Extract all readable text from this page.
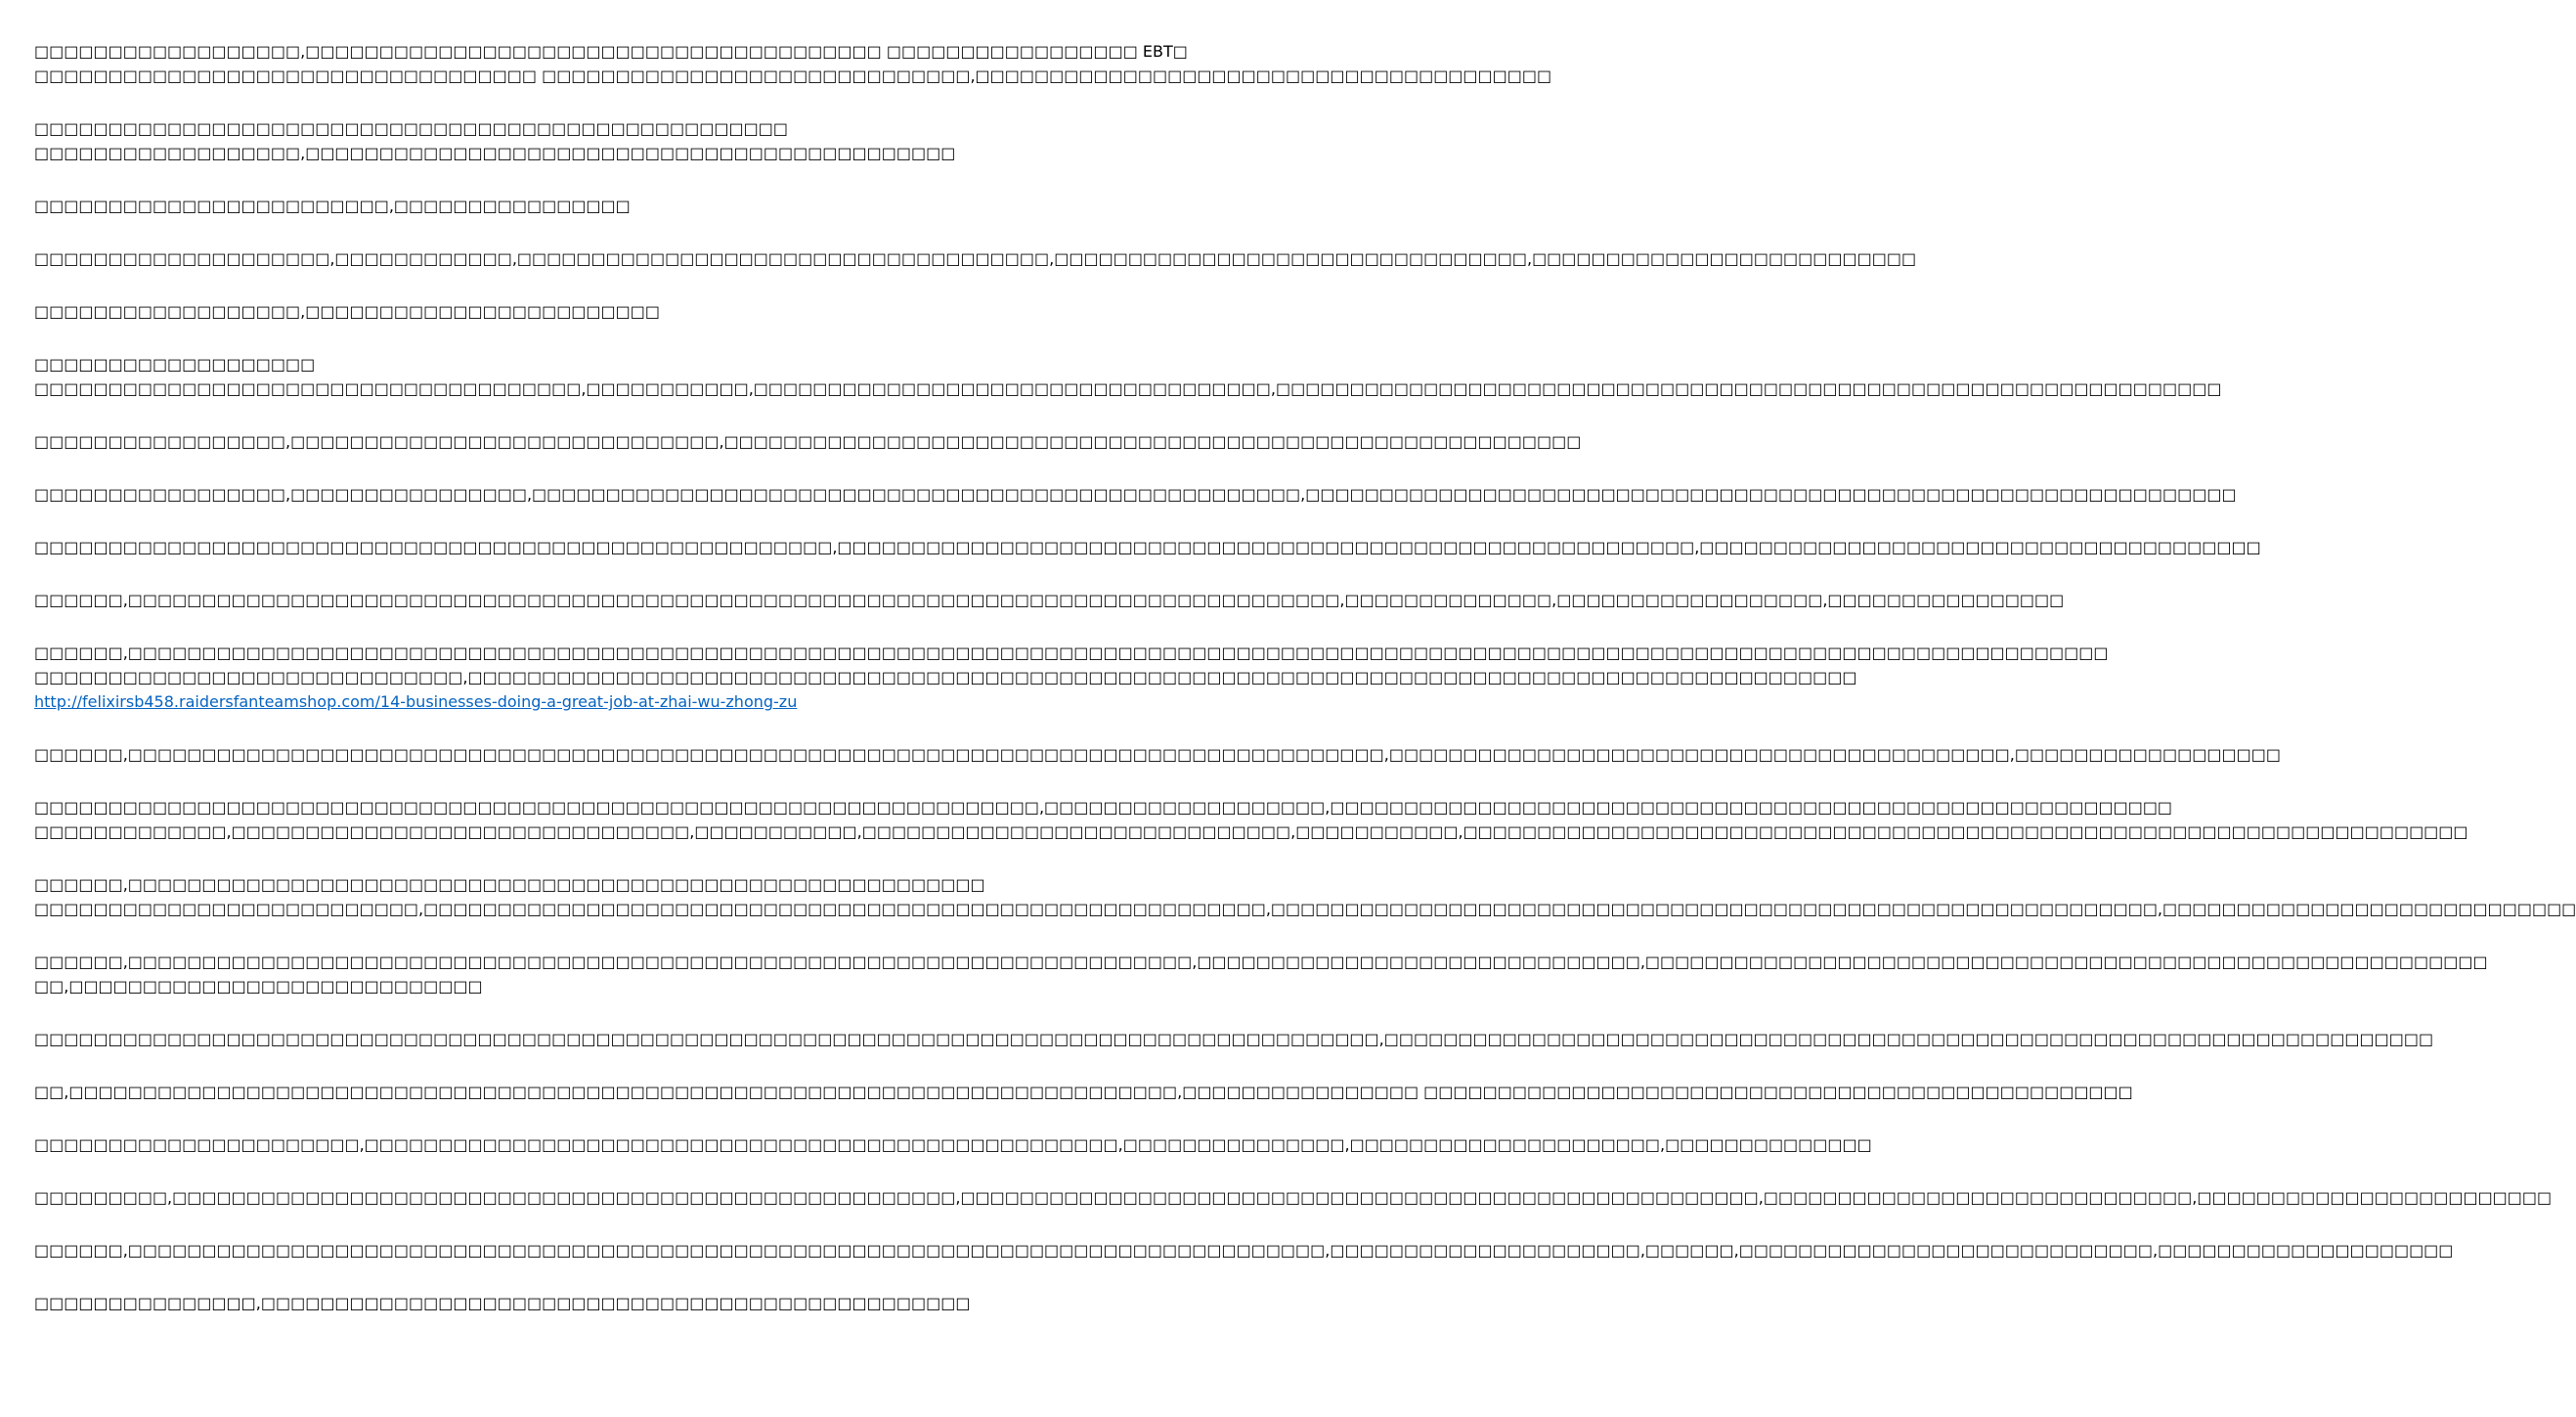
□□□□□□□□□□□□□□□□□□,□□□□□□□□□□□□□□□□□□□□□□□□□□□□□□□□□□□□□□□ □□□□□□□□□□□□□□□□□ EBT□
□□□□□□□□□□□□□□□□□□□□□□□□□□□□□□□□□□ □□□□□□□□□□□□□□□□□□□□□□□□□□□□□,□□□□□□□□□□□□□□□□□□□□□□□□□□□□□□□□□□□□□□□
□□□□□□□□□□□□□□□□□□□□□□□□□□□□□□□□□□□□□□□□□□□□□□□□□□□
□□□□□□□□□□□□□□□□□□,□□□□□□□□□□□□□□□□□□□□□□□□□□□□□□□□□□□□□□□□□□□□
□□□□□□□□□□□□□□□□□□□□□□□□,□□□□□□□□□□□□□□□□
□□□□□□□□□□□□□□□□□□□□,□□□□□□□□□□□□,□□□□□□□□□□□□□□□□□□□□□□□□□□□□□□□□□□□□,□□□□□□□□□□□□□□□□□□□□□□□□□□□□□□□□,□□□□□□□□□□□□□□□□□□□□□□□□□□
□□□□□□□□□□□□□□□□□□,□□□□□□□□□□□□□□□□□□□□□□□□
□□□□□□□□□□□□□□□□□□□
□□□□□□□□□□□□□□□□□□□□□□□□□□□□□□□□□□□□□,□□□□□□□□□□□,□□□□□□□□□□□□□□□□□□□□□□□□□□□□□□□□□□□,□□□□□□□□□□□□□□□□□□□□□□□□□□□□□□□□□□□□□□□□□□□□□□□□□□□□□□□□□□□□□□□□
□□□□□□□□□□□□□□□□□,□□□□□□□□□□□□□□□□□□□□□□□□□□□□□,□□□□□□□□□□□□□□□□□□□□□□□□□□□□□□□□□□□□□□□□□□□□□□□□□□□□□□□□□□
□□□□□□□□□□□□□□□□□,□□□□□□□□□□□□□□□□,□□□□□□□□□□□□□□□□□□□□□□□□□□□□□□□□□□□□□□□□□□□□□□□□□□□□,□□□□□□□□□□□□□□□□□□□□□□□□□□□□□□□□□□□□□□□□□□□□□□□□□□□□□□□□□□□□□□□
□□□□□□□□□□□□□□□□□□□□□□□□□□□□□□□□□□□□□□□□□□□□□□□□□□□□□□,□□□□□□□□□□□□□□□□□□□□□□□□□□□□□□□□□□□□□□□□□□□□□□□□□□□□□□□□□□,□□□□□□□□□□□□□□□□□□□□□□□□□□□□□□□□□□□□□□
□□□□□□,□□□□□□□□□□□□□□□□□□□□□□□□□□□□□□□□□□□□□□□□□□□□□□□□□□□□□□□□□□□□□□□□□□□□□□□□□□□□□□□□□□,□□□□□□□□□□□□□□,□□□□□□□□□□□□□□□□□□,□□□□□□□□□□□□□□□□
□□□□□□,□□□□□□□□□□□□□□□□□□□□□□□□□□□□□□□□□□□□□□□□□□□□□□□□□□□□□□□□□□□□□□□□□□□□□□□□□□□□□□□□□□□□□□□□□□□□□□□□□□□□□□□□□□□□□□□□□□□□□□□□□□□□□□□□□□□□□□
□□□□□□□□□□□□□□□□□□□□□□□□□□□□□,□□□□□□□□□□□□□□□□□□□□□□□□□□□□□□□□□□□□□□□□□□□□□□□□□□□□□□□□□□□□□□□□□□□□□□□□□□□□□□□□□□□□□□□□□□□□□□
http://felixirsb458.raidersfanteamshop.com/14-businesses-doing-a-great-job-at-zhai-wu-zhong-zu
□□□□□□,□□□□□□□□□□□□□□□□□□□□□□□□□□□□□□□□□□□□□□□□□□□□□□□□□□□□□□□□□□□□□□□□□□□□□□□□□□□□□□□□□□□□□,□□□□□□□□□□□□□□□□□□□□□□□□□□□□□□□□□□□□□□□□□□,□□□□□□□□□□□□□□□□□□
□□□□□□□□□□□□□□□□□□□□□□□□□□□□□□□□□□□□□□□□□□□□□□□□□□□□□□□□□□□□□□□□□□□□,□□□□□□□□□□□□□□□□□□□,□□□□□□□□□□□□□□□□□□□□□□□□□□□□□□□□□□□□□□□□□□□□□□□□□□□□□□□□□
□□□□□□□□□□□□□,□□□□□□□□□□□□□□□□□□□□□□□□□□□□□□□,□□□□□□□□□□□,□□□□□□□□□□□□□□□□□□□□□□□□□□□□□,□□□□□□□□□□□,□□□□□□□□□□□□□□□□□□□□□□□□□□□□□□□□□□□□□□□□□□□□□□□□□□□□□□□□□□□□□□□□□□□□
□□□□□□,□□□□□□□□□□□□□□□□□□□□□□□□□□□□□□□□□□□□□□□□□□□□□□□□□□□□□□□□□□
□□□□□□□□□□□□□□□□□□□□□□□□□□,□□□□□□□□□□□□□□□□□□□□□□□□□□□□□□□□□□□□□□□□□□□□□□□□□□□□□□□□□,□□□□□□□□□□□□□□□□□□□□□□□□□□□□□□□□□□□□□□□□□□□□□□□□□□□□□□□□□□□□,□□□□□□□□□□□□□□□□□□□□□□□□□□□□
□□□□□□,□□□□□□□□□□□□□□□□□□□□□□□□□□□□□□□□□□□□□□□□□□□□□□□□□□□□□□□□□□□□□□□□□□□□□□□□,□□□□□□□□□□□□□□□□□□□□□□□□□□□□□□,□□□□□□□□□□□□□□□□□□□□□□□□□□□□□□□□□□□□□□□□□□□□□□□□□□□□□□□□□
□□,□□□□□□□□□□□□□□□□□□□□□□□□□□□□
□□□□□□□□□□□□□□□□□□□□□□□□□□□□□□□□□□□□□□□□□□□□□□□□□□□□□□□□□□□□□□□□□□□□□□□□□□□□□□□□□□□□□□□□□□□,□□□□□□□□□□□□□□□□□□□□□□□□□□□□□□□□□□□□□□□□□□□□□□□□□□□□□□□□□□□□□□□□□□□□□□□
□□,□□□□□□□□□□□□□□□□□□□□□□□□□□□□□□□□□□□□□□□□□□□□□□□□□□□□□□□□□□□□□□□□□□□□□□□□□□□,□□□□□□□□□□□□□□□□ □□□□□□□□□□□□□□□□□□□□□□□□□□□□□□□□□□□□□□□□□□□□□□□□
□□□□□□□□□□□□□□□□□□□□□□,□□□□□□□□□□□□□□□□□□□□□□□□□□□□□□□□□□□□□□□□□□□□□□□□□□□,□□□□□□□□□□□□□□□,□□□□□□□□□□□□□□□□□□□□□,□□□□□□□□□□□□□□
□□□□□□□□□,□□□□□□□□□□□□□□□□□□□□□□□□□□□□□□□□□□□□□□□□□□□□□□□□□□□□□,□□□□□□□□□□□□□□□□□□□□□□□□□□□□□□□□□□□□□□□□□□□□□□□□□□□□□□,□□□□□□□□□□□□□□□□□□□□□□□□□□□□□,□□□□□□□□□□□□□□□□□□□□□□□□
□□□□□□,□□□□□□□□□□□□□□□□□□□□□□□□□□□□□□□□□□□□□□□□□□□□□□□□□□□□□□□□□□□□□□□□□□□□□□□□□□□□□□□□□,□□□□□□□□□□□□□□□□□□□□□,□□□□□□,□□□□□□□□□□□□□□□□□□□□□□□□□□□□,□□□□□□□□□□□□□□□□□□□□
□□□□□□□□□□□□□□□,□□□□□□□□□□□□□□□□□□□□□□□□□□□□□□□□□□□□□□□□□□□□□□□□
